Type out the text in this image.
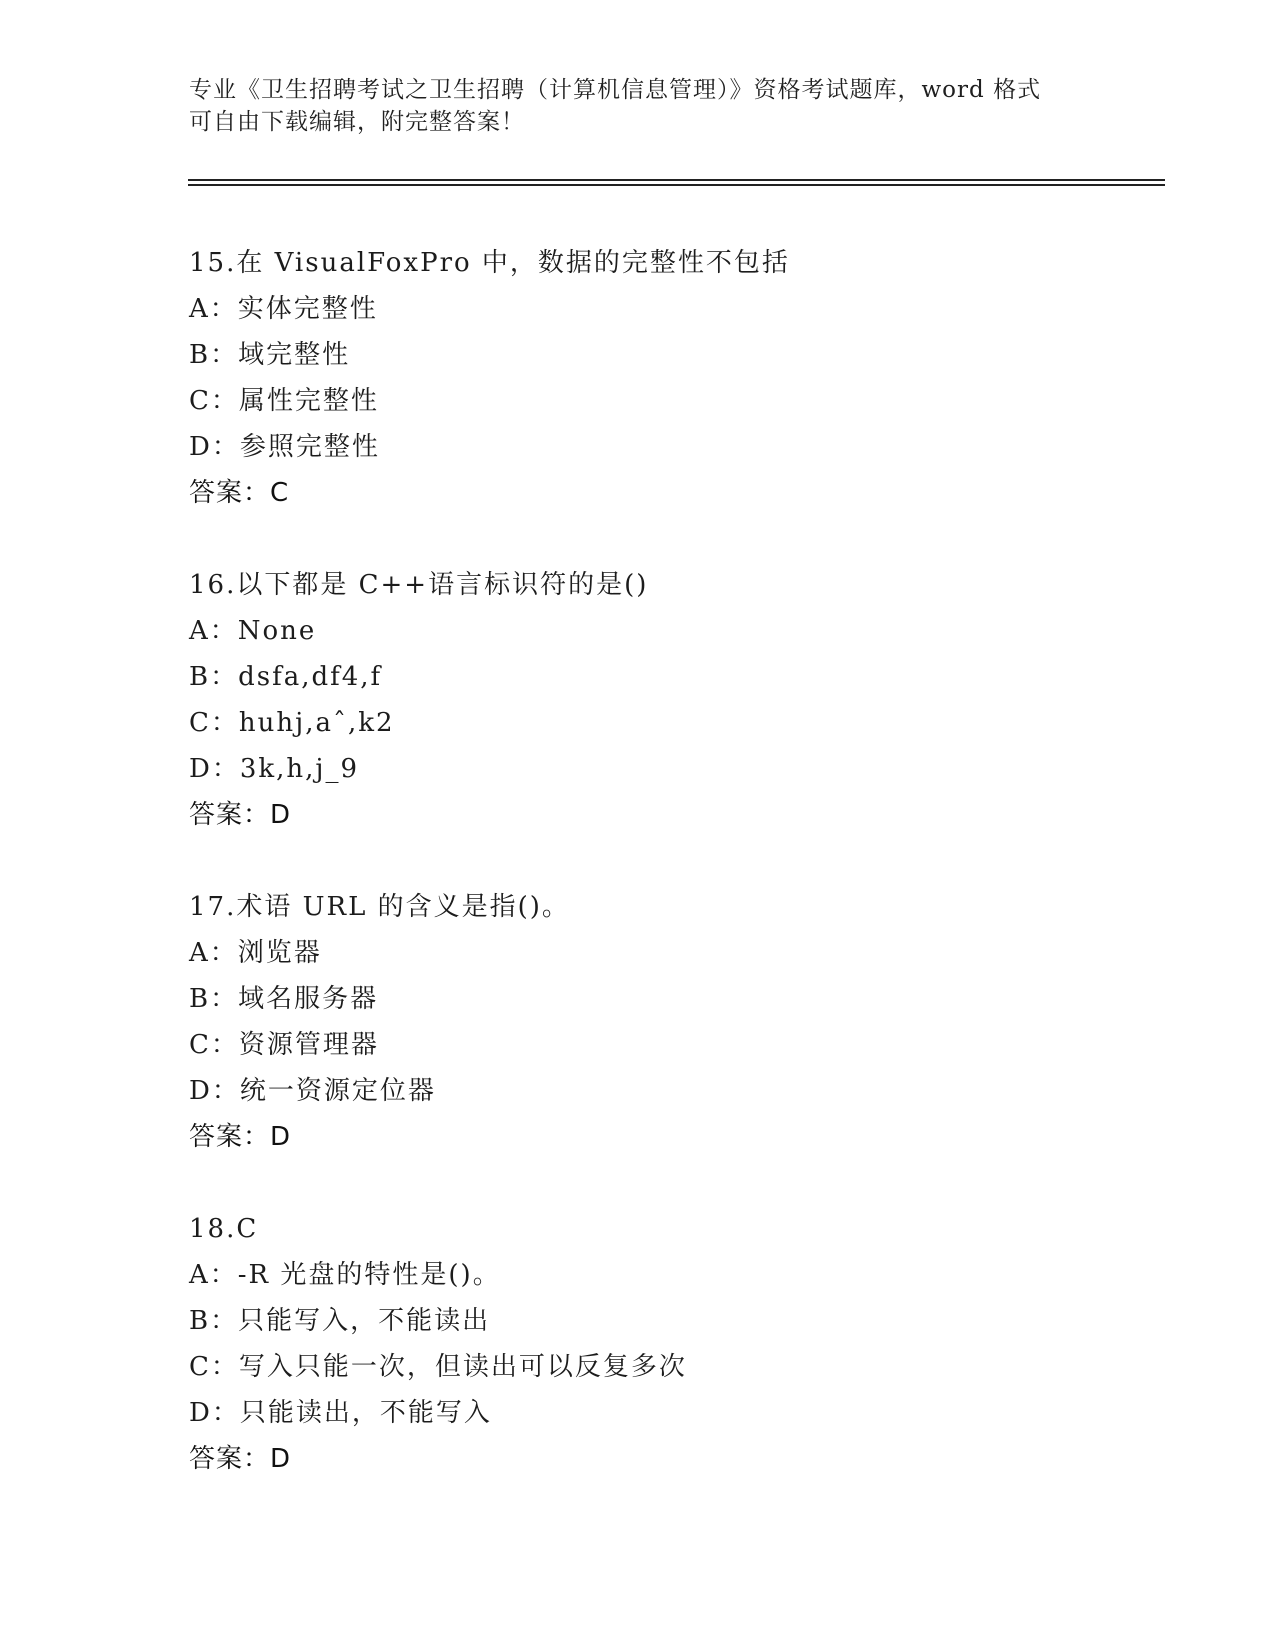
专业《卫生招聘考试之卫生招聘（计算机信息管理）》资格考试题库，word 格式
可自由下载编辑，附完整答案！
15.在 VisualFoxPro 中，数据的完整性不包括
A：实体完整性
B：域完整性
C：属性完整性
D：参照完整性
答案：C
16.以下都是 C++语言标识符的是()
A：None
B：dsfa,df4,f
C：huhj,aˆ,k2
D：3k,h,j_9
答案：D
17.术语 URL 的含义是指()。
A：浏览器
B：域名服务器
C：资源管理器
D：统一资源定位器
答案：D
18.C
A：-R 光盘的特性是()。
B：只能写入，不能读出
C：写入只能一次，但读出可以反复多次
D：只能读出，不能写入
答案：D
